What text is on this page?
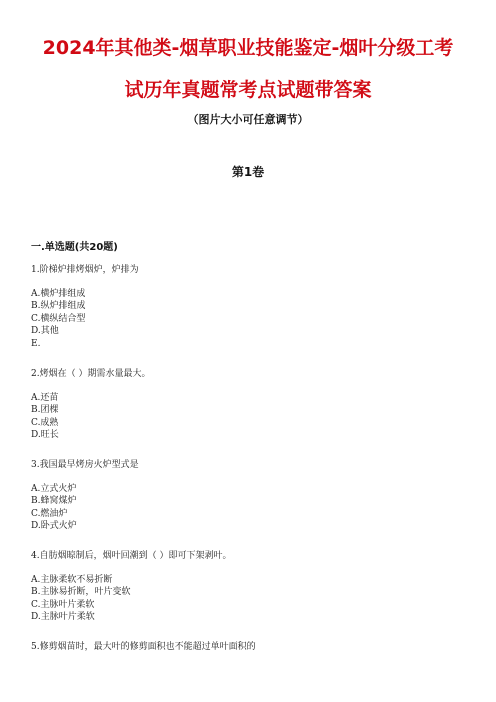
2024年其他类-烟草职业技能鉴定-烟叶分级工考
试历年真题常考点试题带答案
（图片大小可任意调节）
第1卷
一.单选题(共20题)
1.阶梯炉排烤烟炉，炉排为
A.横炉排组成
B.纵炉排组成
C.横纵结合型
D.其他
E.
2.烤烟在（ ）期需水量最大。
A.还苗
B.团棵
C.成熟
D.旺长
3.我国最早烤房火炉型式是
A.立式火炉
B.蜂窝煤炉
C.燃油炉
D.卧式火炉
4.自肪烟晾制后，烟叶回潮到（ ）即可下架剥叶。
A.主脉柔软不易折断
B.主脉易折断，叶片变软
C.主脉叶片柔软
D.主脉叶片柔软
5.修剪烟苗时，最大叶的修剪面积也不能超过单叶面积的
